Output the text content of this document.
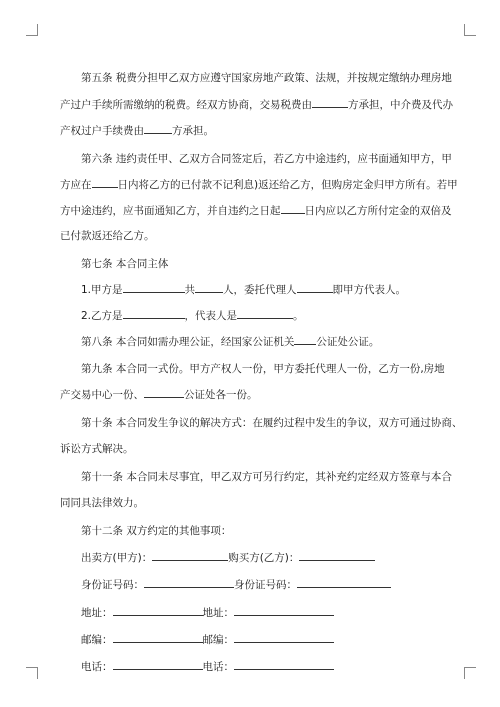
第五条 税费分担甲乙双方应遵守国家房地产政策、法规，并按规定缴纳办理房地
产过户手续所需缴纳的税费。经双方协商，交易税费由	方承担，中介费及代办
产权过户手续费由	方承担。
第六条 违约责任甲、乙双方合同签定后，若乙方中途违约，应书面通知甲方，甲
方应在 日内将乙方的已付款不记利息)返还给乙方，但购房定金归甲方所有。若甲
方中途违约，应书面通知乙方，并自违约之日起 日内应以乙方所付定金的双倍及
已付款返还给乙方。
第七条 本合同主体
1.甲方是	共	人，委托代理人	即甲方代表人。
2.乙方是	，代表人是	。
第八条 本合同如需办理公证，经国家公证机关 公证处公证。
第九条 本合同一式份。甲方产权人一份，甲方委托代理人一份，乙方一份,房地
产交易中心一份、	公证处各一份。
第十条 本合同发生争议的解决方式：在履约过程中发生的争议，双方可通过协商、
诉讼方式解决。
第十一条 本合同未尽事宜，甲乙双方可另行约定，其补充约定经双方签章与本合
同同具法律效力。
第十二条 双方约定的其他事项：
出卖方(甲方)：	购买方(乙方)：
身份证号码：	身份证号码：
地址：	地址：
邮编：	邮编：
电话：	电话：
